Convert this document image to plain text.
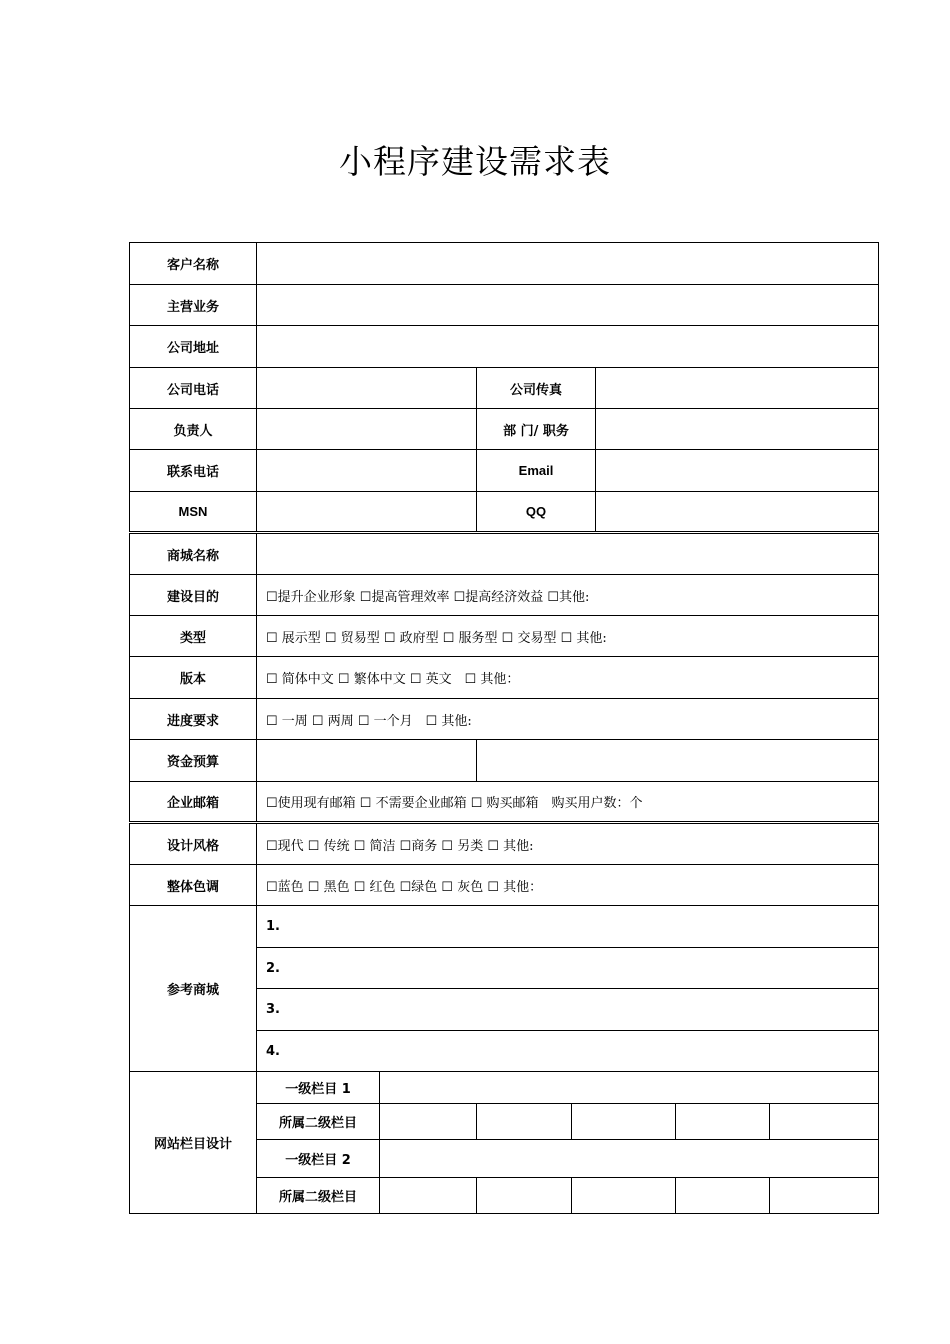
小程序建设需求表
客户名称								
主营业务								
公司地址								
公司电话			公司传真					
负责人			部 门/ 职务					
联系电话			Email					
MSN			QQ					
商城名称								
建设目的	☐提升企业形象 ☐提高管理效率 ☐提高经济效益 ☐其他:							
类型	☐ 展示型 ☐ 贸易型 ☐ 政府型 ☐ 服务型 ☐ 交易型 ☐ 其他:							
版本	☐ 简体中文 ☐ 繁体中文 ☐ 英文　☐ 其他：							
进度要求	☐ 一周 ☐ 两周 ☐ 一个月　☐ 其他:							
资金预算								
企业邮箱	☐使用现有邮箱 ☐ 不需要企业邮箱 ☐ 购买邮箱　购买用户数：个							
设计风格	☐现代 ☐ 传统 ☐ 简洁 ☐商务 ☐ 另类 ☐ 其他:							
整体色调	☐蓝色 ☐ 黑色 ☐ 红色 ☐绿色 ☐ 灰色 ☐ 其他：							
参考商城	1.							
	2.							
	3.							
	4.							
网站栏目设计	一级栏目 1							
	所属二级栏目							
	一级栏目 2							
	所属二级栏目							
